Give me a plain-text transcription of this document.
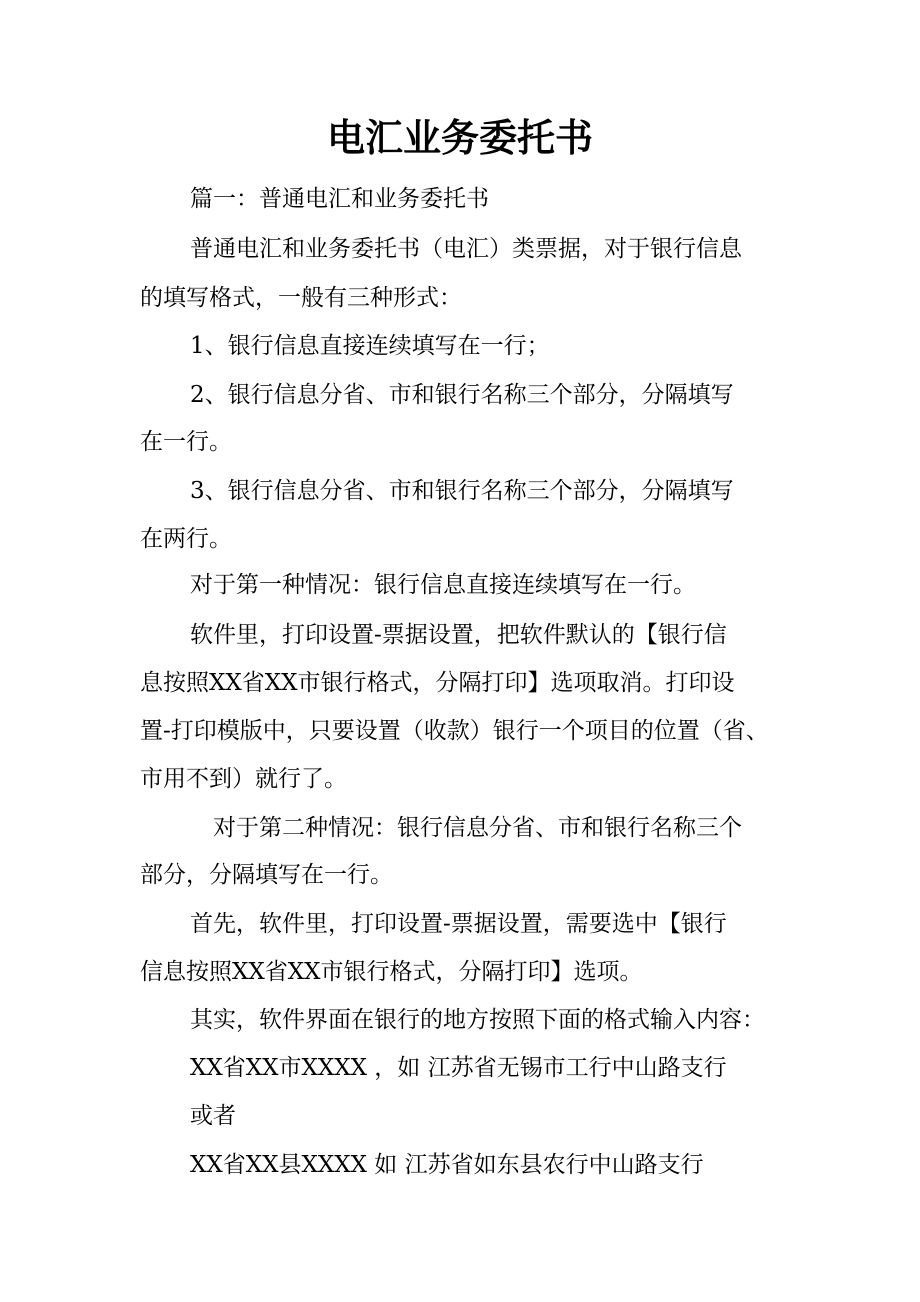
电汇业务委托书
篇一：普通电汇和业务委托书
普通电汇和业务委托书（电汇）类票据，对于银行信息
的填写格式，一般有三种形式：
1、银行信息直接连续填写在一行；
2、银行信息分省、市和银行名称三个部分，分隔填写
在一行。
3、银行信息分省、市和银行名称三个部分，分隔填写
在两行。
对于第一种情况：银行信息直接连续填写在一行。
软件里，打印设置-票据设置，把软件默认的【银行信
息按照XX省XX市银行格式，分隔打印】选项取消。打印设
置-打印模版中，只要设置（收款）银行一个项目的位置（省、
市用不到）就行了。
对于第二种情况：银行信息分省、市和银行名称三个
部分，分隔填写在一行。
首先，软件里，打印设置-票据设置，需要选中【银行
信息按照XX省XX市银行格式，分隔打印】选项。
其实，软件界面在银行的地方按照下面的格式输入内容：
XX省XX市XXXX ，如 江苏省无锡市工行中山路支行
或者
XX省XX县XXXX 如 江苏省如东县农行中山路支行
